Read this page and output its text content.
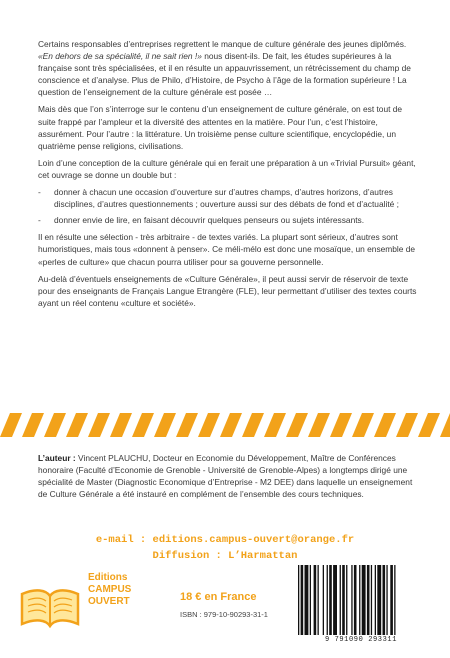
Certains responsables d’entreprises regrettent le manque de culture générale des jeunes diplômés. «En dehors de sa spécialité, il ne sait rien !» nous disent-ils. De fait, les études supérieures à la française sont très spécialisées, et il en résulte un appauvrissement, un rétrécissement du champ de conscience et d’analyse. Plus de Philo, d’Histoire, de Psycho à l’âge de la formation supérieure ! La question de l’enseignement de la culture générale est posée …

Mais dès que l’on s’interroge sur le contenu d’un enseignement de culture générale, on est tout de suite frappé par l’ampleur et la diversité des attentes en la matière. Pour l’un, c’est l’histoire, assurément. Pour l’autre : la littérature. Un troisième pense culture scientifique, encyclopédie, un quatrième pense religions, civilisations.

Loin d’une conception de la culture générale qui en ferait une préparation à un «Trivial Pursuit» géant, cet ouvrage se donne un double but :

- donner à chacun une occasion d’ouverture sur d’autres champs, d’autres horizons, d’autres disciplines, d’autres questionnements ; ouverture aussi sur des débats de fond et d’actualité ;
- donner envie de lire, en faisant découvrir quelques penseurs ou sujets intéressants.

Il en résulte une sélection - très arbitraire - de textes variés. La plupart sont sérieux, d’autres sont humoristiques, mais tous «donnent à penser». Ce méli-mélo est donc une mosaïque, un ensemble de «perles de culture» que chacun pourra utiliser pour sa gouverne personnelle.

Au-delà d’éventuels enseignements de «Culture Générale», il peut aussi servir de réservoir de texte pour des enseignants de Français Langue Etrangère (FLE), leur permettant d’utiliser des textes courts ayant un réel contenu «culture et société».

L’auteur : Vincent PLAUCHU, Docteur en Economie du Développement, Maître de Conférences honoraire (Faculté d’Economie de Grenoble - Université de Grenoble-Alpes) a longtemps dirigé une spécialité de Master (Diagnostic Economique d’Entreprise - M2 DEE) dans laquelle un enseignement de Culture Générale a été instauré en complément de l’ensemble des cours techniques.
e-mail : editions.campus-ouvert@orange.fr
Diffusion : L’Harmattan
Editions
CAMPUS
OUVERT	18 € en France
ISBN : 979-10-90293-31-1
9 791090 293311
